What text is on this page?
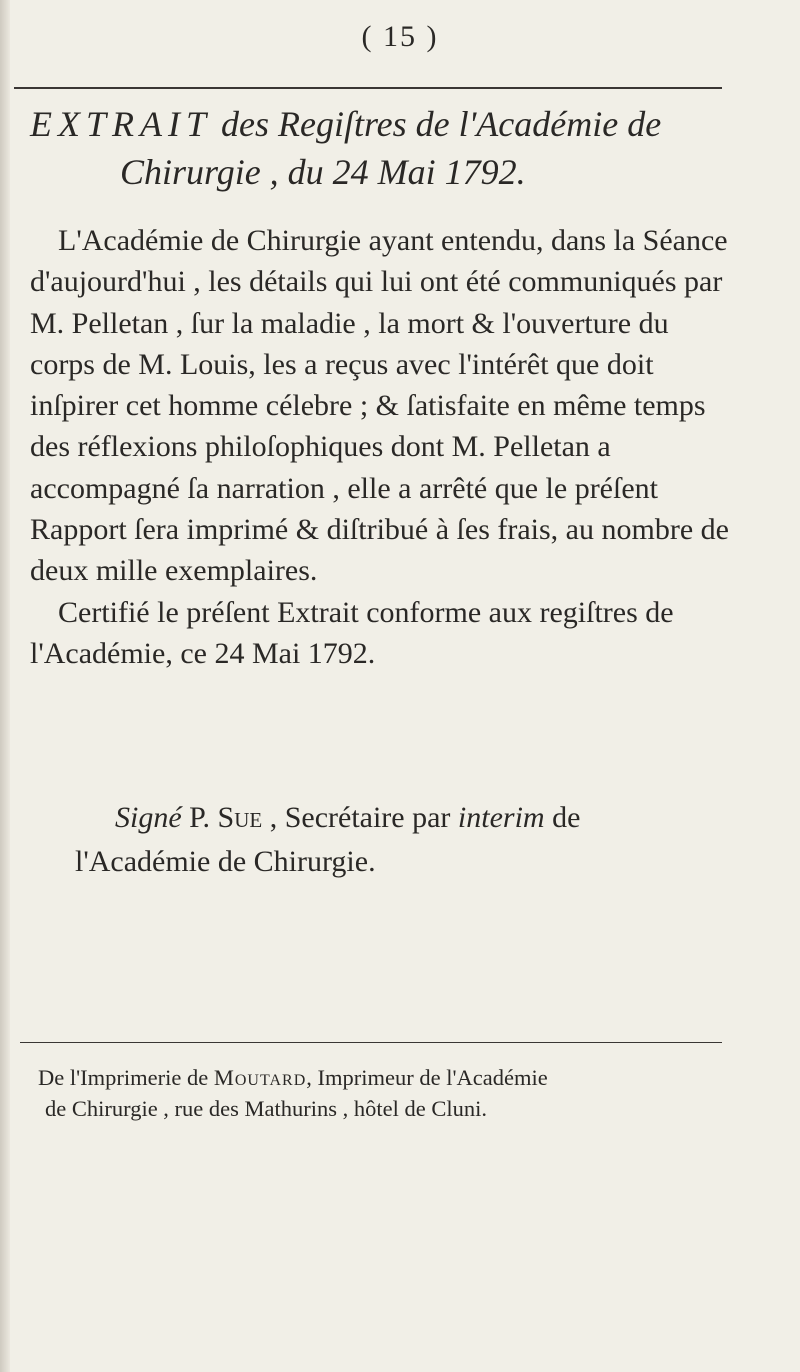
( 15 )
EXTRAIT des Regiſtres de l'Académie de
Chirurgie , du 24 Mai 1792.

L'Académie de Chirurgie ayant entendu, dans la Séance d'aujourd'hui , les détails qui lui ont été communiqués par M. Pelletan , ſur la maladie , la mort & l'ouverture du corps de M. Louis, les a reçus avec l'intérêt que doit inſpirer cet homme célebre ; & ſatisfaite en même temps des réflexions philoſophiques dont M. Pelletan a accompagné ſa narration , elle a arrêté que le préſent Rapport ſera imprimé & diſtribué à ſes frais, au nombre de deux mille exemplaires.

Certifié le préſent Extrait conforme aux regiſtres de l'Académie, ce 24 Mai 1792.

Signé P. Sue , Secrétaire par interim de
l'Académie de Chirurgie.
De l'Imprimerie de Moutard, Imprimeur de l'Académie
de Chirurgie , rue des Mathurins , hôtel de Cluni.
